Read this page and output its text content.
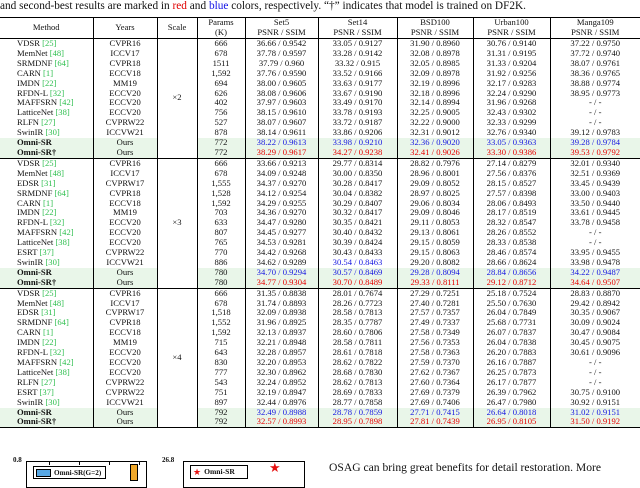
and second-best results are marked in red and blue colors, respectively. “†” indicates that model is trained on DF2K.
Method	Years	Scale	Params
(K)

Set5
PSNR / SSIM

Set14
PSNR / SSIM

BSD100
PSNR / SSIM

Urban100
PSNR / SSIM

Manga109
PSNR / SSIM

VDSR [25]	CVPR16	×2	666	36.66 / 0.9542	33.05 / 0.9127	31.90 / 0.8960	30.76 / 0.9140	37.22 / 0.9750
MemNet [48]	ICCV17		678	37.78 / 0.9597	33.28 / 0.9142	32.08 / 0.8978	31.31 / 0.9195	37.72 / 0.9740
SRMDNF [64]	CVPR18		1511	37.79 / 0.960	33.32 / 0.915	32.05 / 0.8985	31.33 / 0.9204	38.07 / 0.9761
CARN [1]	ECCV18		1,592	37.76 / 0.9590	33.52 / 0.9166	32.09 / 0.8978	31.92 / 0.9256	38.36 / 0.9765
IMDN [22]	MM19		694	38.00 / 0.9605	33.63 / 0.9177	32.19 / 0.8996	32.17 / 0.9283	38.88 / 0.9774
RFDN-L [32]	ECCV20		626	38.08 / 0.9606	33.67 / 0.9190	32.18 / 0.8996	32.24 / 0.9290	38.95 / 0.9773
MAFFSRN [42]	ECCV20		402	37.97 / 0.9603	33.49 / 0.9170	32.14 / 0.8994	31.96 / 0.9268	- / -
LatticeNet [38]	ECCV20		756	38.15 / 0.9610	33.78 / 0.9193	32.25 / 0.9005	32.43 / 0.9302	- / -
RLFN [27]	CVPRW22		527	38.07 / 0.9607	33.72 / 0.9187	32.22 / 0.9000	32.33 / 0.9299	- / -
SwinIR [30]	ICCVW21		878	38.14 / 0.9611	33.86 / 0.9206	32.31 / 0.9012	32.76 / 0.9340	39.12 / 0.9783
Omni-SR	Ours		772	38.22 / 0.9613	33.98 / 0.9210	32.36 / 0.9020	33.05 / 0.9363	39.28 / 0.9784
Omni-SR†	Ours		772	38.29 / 0.9617	34.27 / 0.9238	32.41 / 0.9026	33.30 / 0.9386	39.53 / 0.9792
VDSR [25]	CVPR16	×3	666	33.66 / 0.9213	29.77 / 0.8314	28.82 / 0.7976	27.14 / 0.8279	32.01 / 0.9340
MemNet [48]	ICCV17		678	34.09 / 0.9248	30.00 / 0.8350	28.96 / 0.8001	27.56 / 0.8376	32.51 / 0.9369
EDSR [31]	CVPRW17		1,555	34.37 / 0.9270	30.28 / 0.8417	29.09 / 0.8052	28.15 / 0.8527	33.45 / 0.9439
SRMDNF [64]	CVPR18		1,528	34.12 / 0.9254	30.04 / 0.8382	28.97 / 0.8025	27.57 / 0.8398	33.00 / 0.9403
CARN [1]	ECCV18		1,592	34.29 / 0.9255	30.29 / 0.8407	29.06 / 0.8034	28.06 / 0.8493	33.50 / 0.9440
IMDN [22]	MM19		703	34.36 / 0.9270	30.32 / 0.8417	29.09 / 0.8046	28.17 / 0.8519	33.61 / 0.9445
RFDN-L [32]	ECCV20		633	34.47 / 0.9280	30.35 / 0.8421	29.11 / 0.8053	28.32 / 0.8547	33.78 / 0.9458
MAFFSRN [42]	ECCV20		807	34.45 / 0.9277	30.40 / 0.8432	29.13 / 0.8061	28.26 / 0.8552	- / -
LatticeNet [38]	ECCV20		765	34.53 / 0.9281	30.39 / 0.8424	29.15 / 0.8059	28.33 / 0.8538	- / -
ESRT [37]	CVPRW22		770	34.42 / 0.9268	30.43 / 0.8433	29.15 / 0.8063	28.46 / 0.8574	33.95 / 0.9455
SwinIR [30]	ICCVW21		886	34.62 / 0.9289	30.54 / 0.8463	29.20 / 0.8082	28.66 / 0.8624	33.98 / 0.9478
Omni-SR	Ours		780	34.70 / 0.9294	30.57 / 0.8469	29.28 / 0.8094	28.84 / 0.8656	34.22 / 0.9487
Omni-SR†	Ours		780	34.77 / 0.9304	30.70 / 0.8489	29.33 / 0.8111	29.12 / 0.8712	34.64 / 0.9507
VDSR [25]	CVPR16	×4	666	31.35 / 0.8838	28.01 / 0.7674	27.29 / 0.7251	25.18 / 0.7524	28.83 / 0.8870
MemNet [48]	ICCV17		678	31.74 / 0.8893	28.26 / 0.7723	27.40 / 0.7281	25.50 / 0.7630	29.42 / 0.8942
EDSR [31]	CVPRW17		1,518	32.09 / 0.8938	28.58 / 0.7813	27.57 / 0.7357	26.04 / 0.7849	30.35 / 0.9067
SRMDNF [64]	CVPR18		1,552	31.96 / 0.8925	28.35 / 0.7787	27.49 / 0.7337	25.68 / 0.7731	30.09 / 0.9024
CARN [1]	ECCV18		1,592	32.13 / 0.8937	28.60 / 0.7806	27.58 / 0.7349	26.07 / 0.7837	30.47 / 0.9084
IMDN [22]	MM19		715	32.21 / 0.8948	28.58 / 0.7811	27.56 / 0.7353	26.04 / 0.7838	30.45 / 0.9075
RFDN-L [32]	ECCV20		643	32.28 / 0.8957	28.61 / 0.7818	27.58 / 0.7363	26.20 / 0.7883	30.61 / 0.9096
MAFFSRN [42]	ECCV20		830	32.20 / 0.8953	28.62 / 0.7822	27.59 / 0.7370	26.16 / 0.7887	- / -
LatticeNet [38]	ECCV20		777	32.30 / 0.8962	28.68 / 0.7830	27.62 / 0.7367	26.25 / 0.7873	- / -
RLFN [27]	CVPRW22		543	32.24 / 0.8952	28.62 / 0.7813	27.60 / 0.7364	26.17 / 0.7877	- / -
ESRT [37]	CVPRW22		751	32.19 / 0.8947	28.69 / 0.7833	27.69 / 0.7379	26.39 / 0.7962	30.75 / 0.9100
SwinIR [30]	ICCVW21		897	32.44 / 0.8976	28.77 / 0.7858	27.69 / 0.7406	26.47 / 0.7980	30.92 / 0.9151
Omni-SR	Ours		792	32.49 / 0.8988	28.78 / 0.7859	27.71 / 0.7415	26.64 / 0.8018	31.02 / 0.9151
Omni-SR†	Ours		792	32.57 / 0.8993	28.95 / 0.7898	27.81 / 0.7439	26.95 / 0.8105	31.50 / 0.9192
0.8
Omni-SR(G=2)
26.8
★ Omni-SR	★	OSAG can bring great benefits for detail restoration. More
